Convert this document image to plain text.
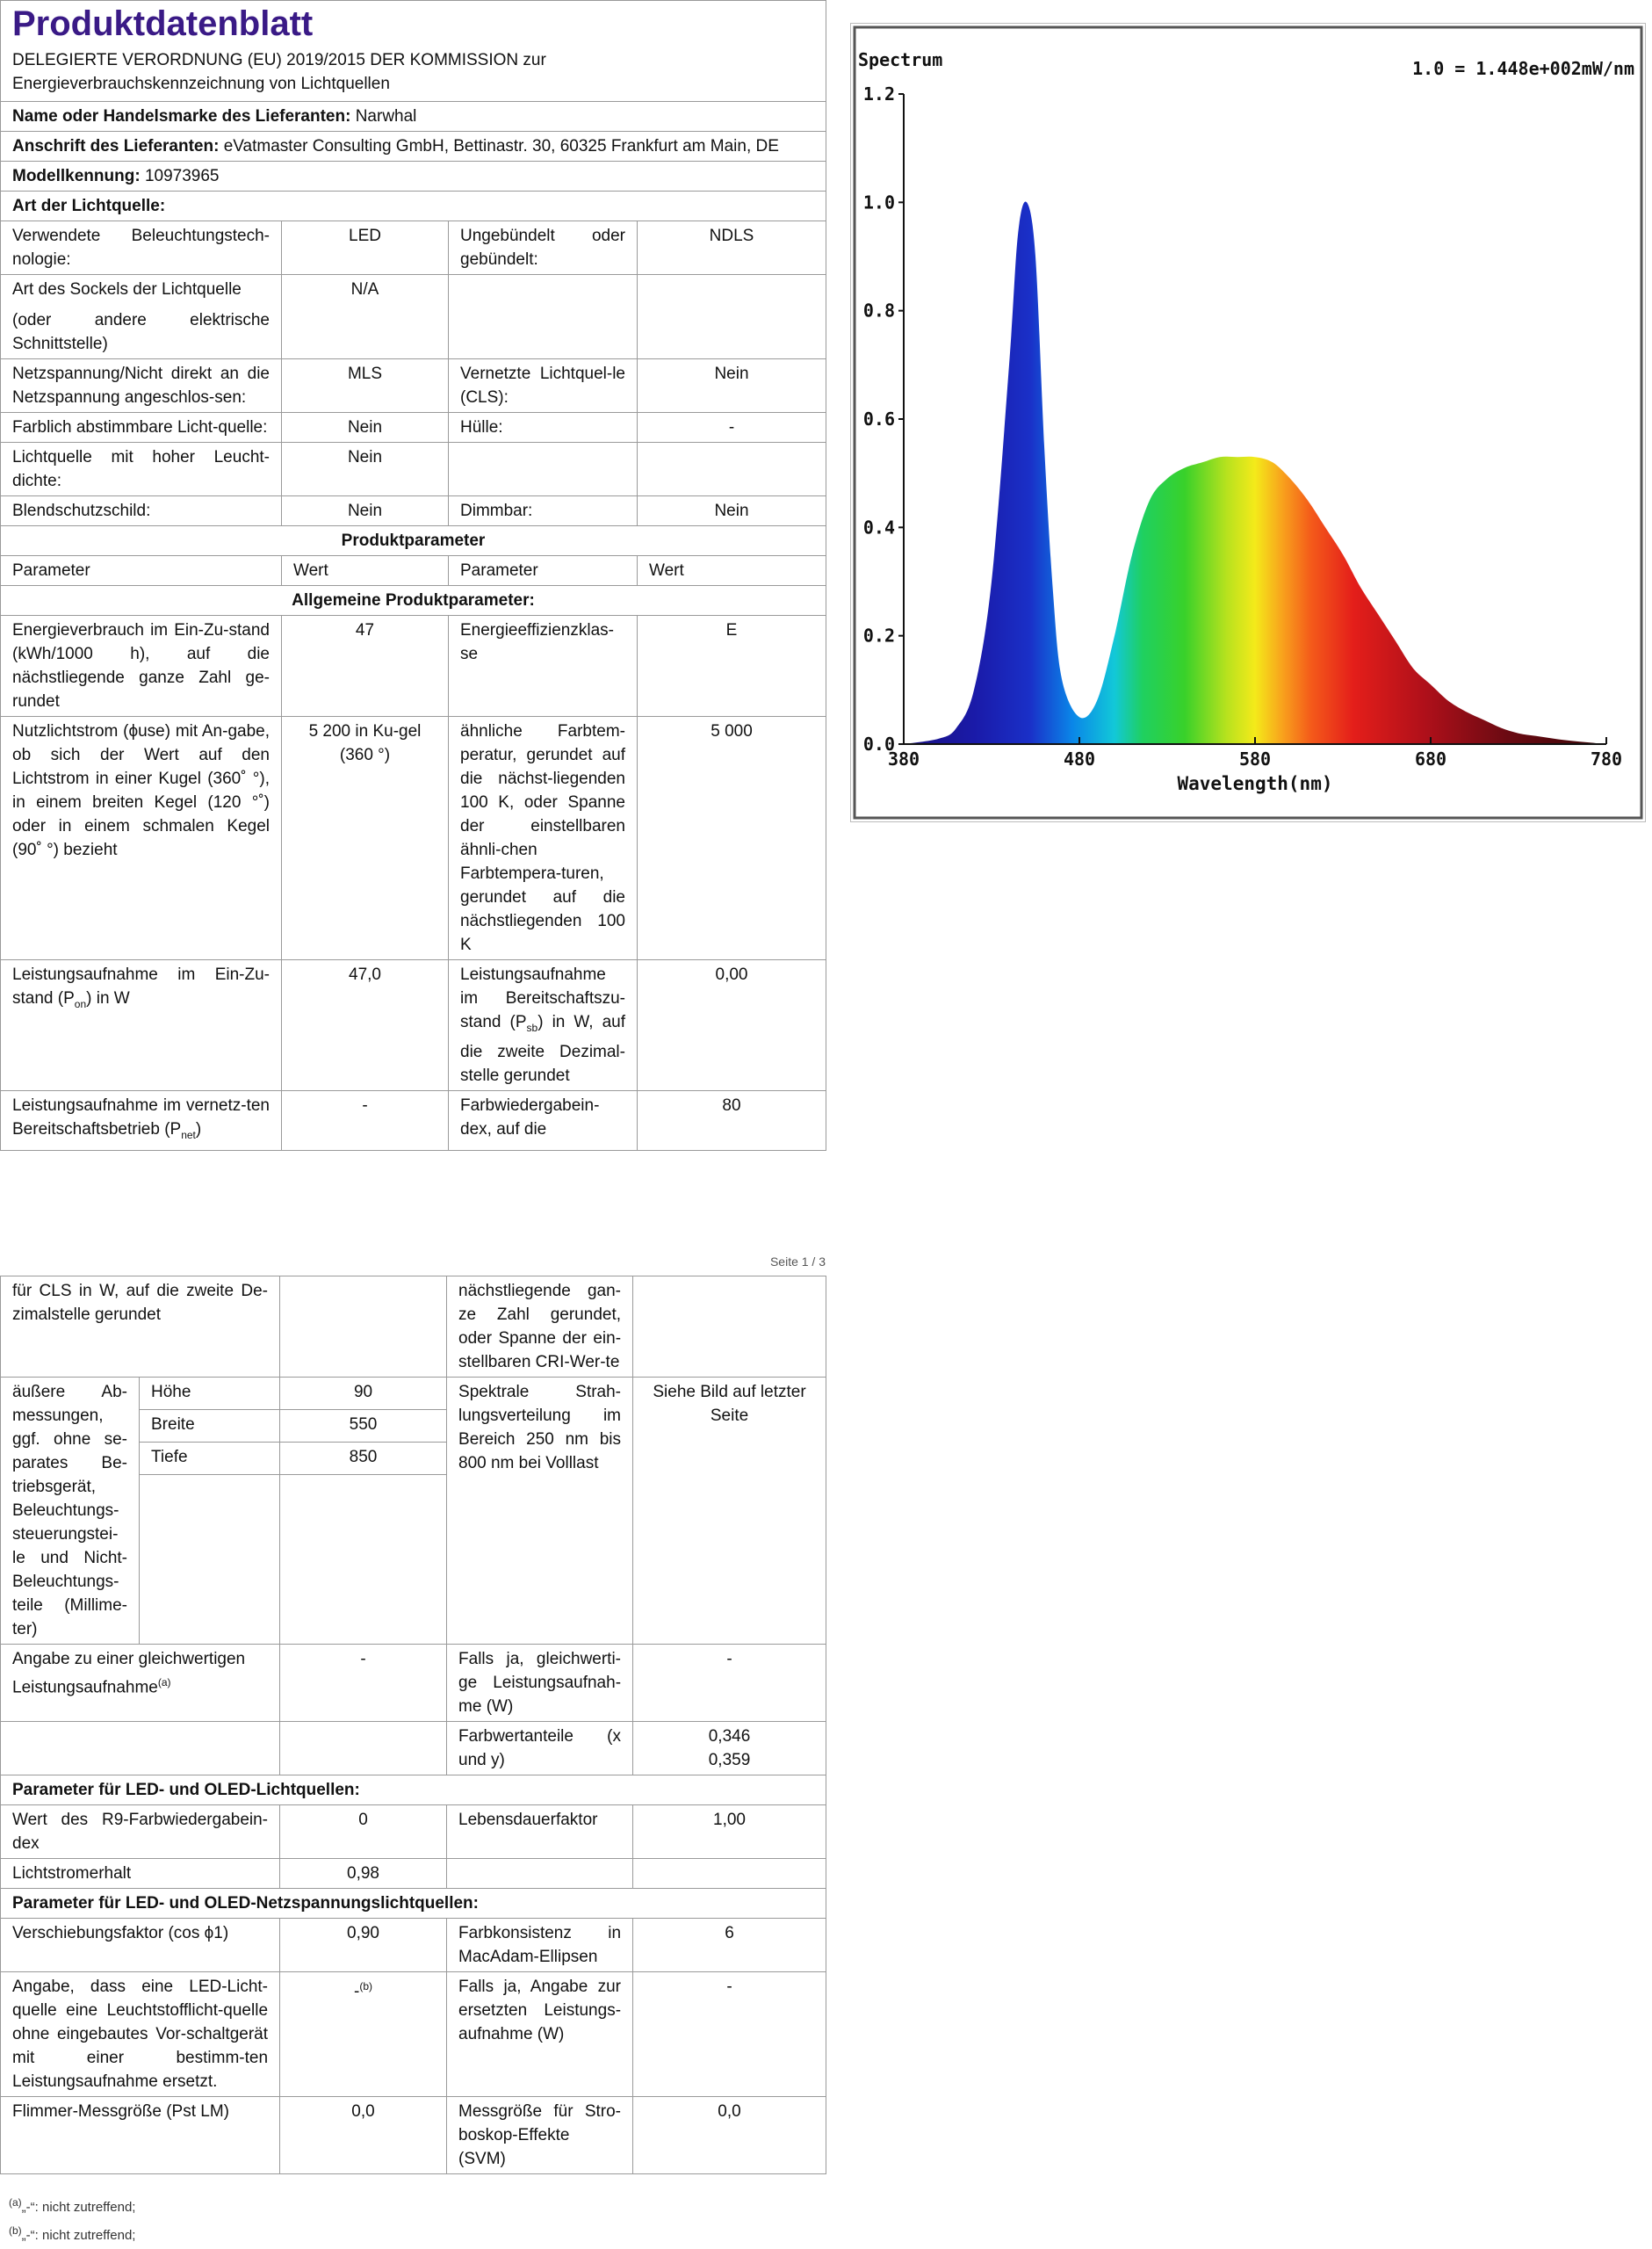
Produktdatenblatt
DELEGIERTE VERORDNUNG (EU) 2019/2015 DER KOMMISSION zur Energieverbrauchskennzeichnung von Lichtquellen			

Name oder Handelsmarke des Lieferanten: Narwhal			
Anschrift des Lieferanten: eVatmaster Consulting GmbH, Bettinastr. 30, 60325 Frankfurt am Main, DE			
Modellkennung: 10973965			
Art der Lichtquelle:			
Verwendete Beleuchtungstech-nologie:	LED	Ungebündelt oder gebündelt:	NDLS

Art des Sockels der Lichtquelle
(oder andere elektrische Schnittstelle)	N/A		
Netzspannung/Nicht direkt an die Netzspannung angeschlos-sen:	MLS	Vernetzte Lichtquel-le (CLS):	Nein
Farblich abstimmbare Licht-quelle:	Nein	Hülle:	-
Lichtquelle mit hoher Leucht-dichte:	Nein		
Blendschutzschild:	Nein	Dimmbar:	Nein
Produktparameter			
Parameter	Wert	Parameter	Wert
Allgemeine Produktparameter:			
Energieverbrauch im Ein-Zu-stand (kWh/1000 h), auf die nächstliegende ganze Zahl ge-rundet	47	Energieeffizienzklas-se	E
Nutzlichtstrom (ϕuse) mit An-gabe, ob sich der Wert auf den Lichtstrom in einer Kugel (360˚ °), in einem breiten Kegel (120 °˚) oder in einem schmalen Kegel (90˚ °) bezieht	5 200 in Ku-gel (360 °)	ähnliche Farbtem-peratur, gerundet auf die nächst-liegenden 100 K, oder Spanne der einstellbaren ähnli-chen Farbtempera-turen, gerundet auf die nächstliegenden 100 K	5 000
Leistungsaufnahme im Ein-Zu-stand $(P_{on})$ in W	47,0	Leistungsaufnahme im Bereitschaftszu-stand $(P_{sb})$ in W, auf die zweite Dezimal-stelle gerundet	0,00
Leistungsaufnahme im vernetz-ten Bereitschaftsbetrieb $(P_{net})$	-	Farbwiedergabein-dex, auf die	80
Seite 1 / 3
für CLS in W, auf die zweite De-zimalstelle gerundet			nächstliegende gan-ze Zahl gerundet, oder Spanne der ein-stellbaren CRI-Wer-te	
äußere Ab-messungen, ggf. ohne se-parates Be-triebsgerät, Beleuchtungs-steuerungstei-le und Nicht-Beleuchtungs-teile (Millime-ter)	Höhe	90	Spektrale Strah-lungsverteilung im Bereich 250 nm bis 800 nm bei Volllast	Siehe Bild auf letzter Seite
	Breite	550		
	Tiefe	850		

Angabe zu einer gleichwertigen Leistungsaufnahme$^{(a)}$		-	Falls ja, gleichwerti-ge Leistungsaufnah-me (W)	-
			Farbwertanteile (x und y)	0,346
0,359

Parameter für LED- und OLED-Lichtquellen:				
Wert des R9-Farbwiedergabein-dex		0	Lebensdauerfaktor	1,00
Lichtstromerhalt		0,98		
Parameter für LED- und OLED-Netzspannungslichtquellen:				
Verschiebungsfaktor (cos ϕ1)		0,90	Farbkonsistenz in MacAdam-Ellipsen	6
Angabe, dass eine LED-Licht-quelle eine Leuchtstofflicht-quelle ohne eingebautes Vor-schaltgerät mit einer bestimm-ten Leistungsaufnahme ersetzt.		-$^{(b)}$	Falls ja, Angabe zur ersetzten Leistungs-aufnahme (W)	-
Flimmer-Messgröße (Pst LM)		0,0	Messgröße für Stro-boskop-Effekte (SVM)	0,0
$^{(a)}$„-“: nicht zutreffend;
$^{(b)}$„-“: nicht zutreffend;
380	480	580	680	780
0.0
0.2
0.4
0.6
0.8
1.0
1.2
Spectrum	1.0 = 1.448e+002mW/nm
Wavelength(nm)
